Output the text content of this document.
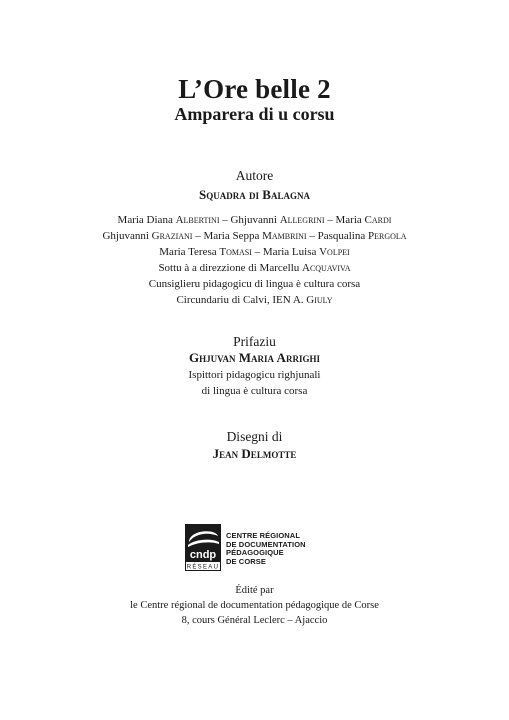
L’Ore belle 2
Amparera di u corsu
Autore
Squadra di Balagna
Maria Diana Albertini – Ghjuvanni Allegrini – Maria Cardi
Ghjuvanni Graziani – Maria Seppa Mambrini – Pasqualina Pergola
Maria Teresa Tomasi – Maria Luisa Volpei
Sottu à a direzzione di Marcellu Acquaviva
Cunsiglieru pidagogicu di lingua è cultura corsa
Circundariu di Calvi, IEN A. Giuly
Prifaziu
Ghjuvan Maria Arrighi
Ispittori pidagogicu righjunali
di lingua è cultura corsa
Disegni di
Jean Delmotte
cndp
RÉSEAU
CENTRE RÉGIONAL
DE DOCUMENTATION
PÉDAGOGIQUE
DE CORSE
Édité par
le Centre régional de documentation pédagogique de Corse
8, cours Général Leclerc – Ajaccio
